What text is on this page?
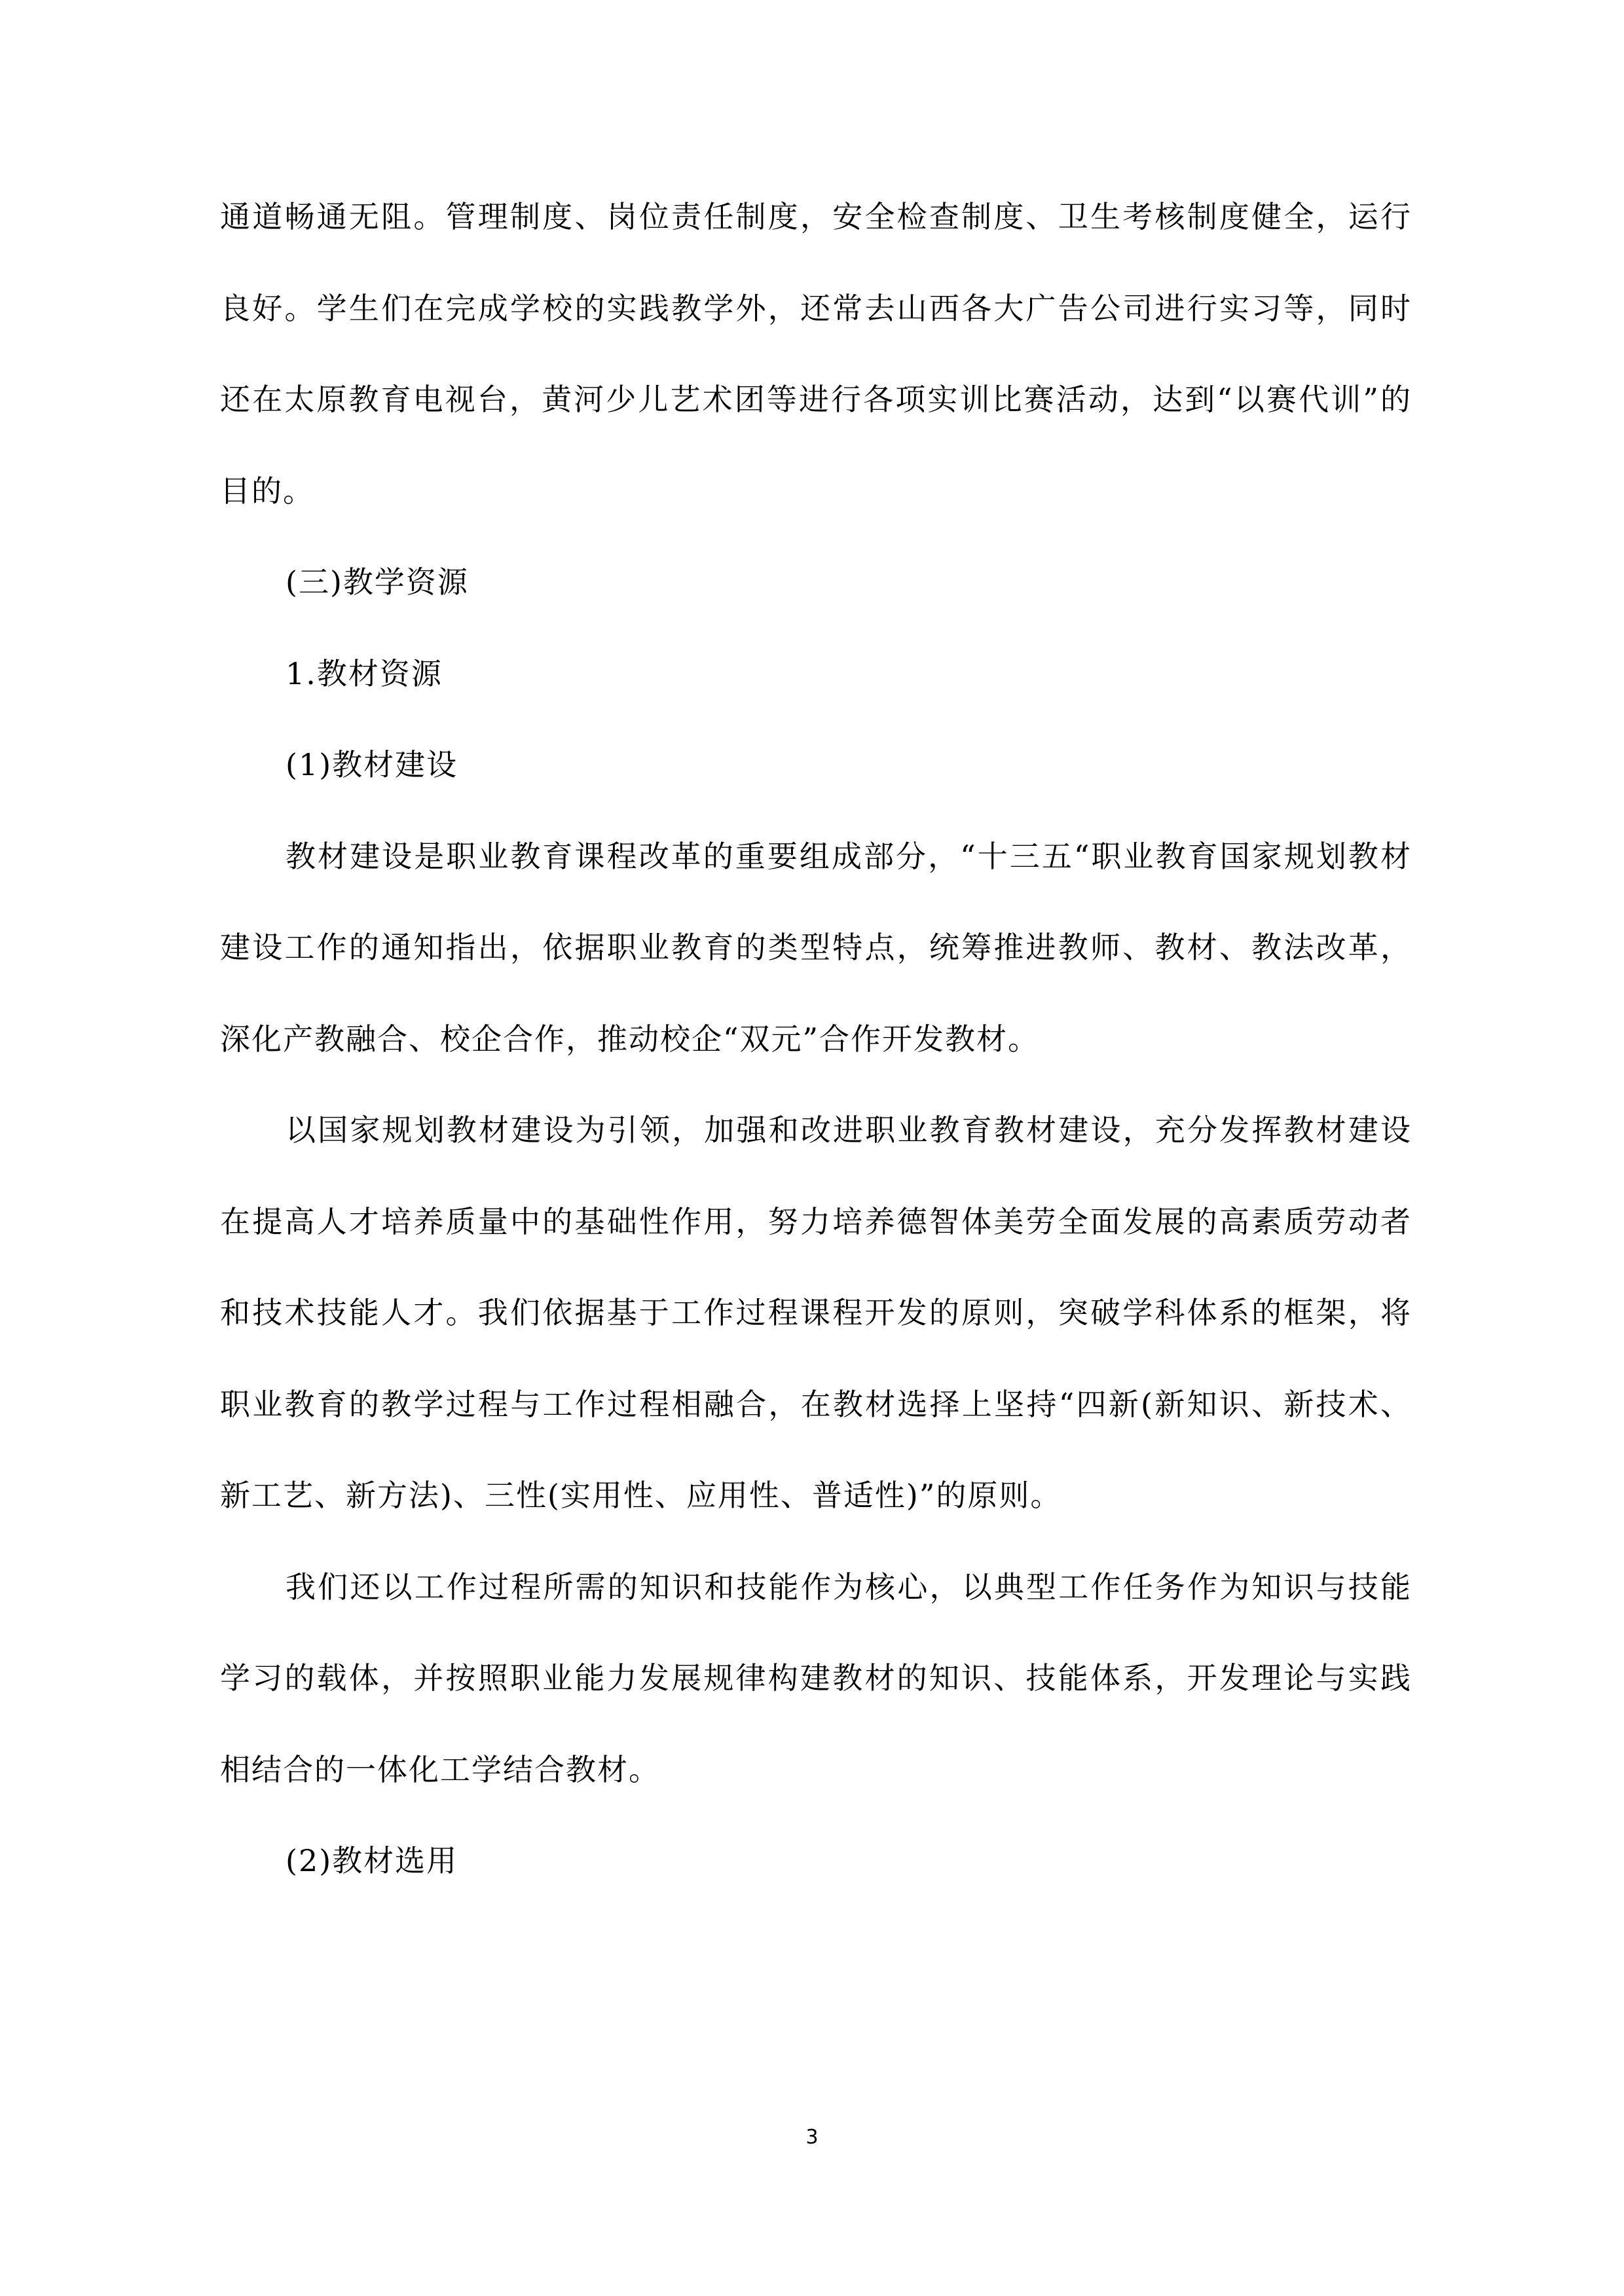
通道畅通无阻。管理制度、岗位责任制度，安全检查制度、卫生考核制度健全，运行良好。学生们在完成学校的实践教学外，还常去山西各大广告公司进行实习等，同时还在太原教育电视台，黄河少儿艺术团等进行各项实训比赛活动，达到“以赛代训”的目的。

(三)教学资源

1.教材资源

(1)教材建设

教材建设是职业教育课程改革的重要组成部分，“十三五“职业教育国家规划教材建设工作的通知指出，依据职业教育的类型特点，统筹推进教师、教材、教法改革，深化产教融合、校企合作，推动校企“双元”合作开发教材。

以国家规划教材建设为引领，加强和改进职业教育教材建设，充分发挥教材建设在提高人才培养质量中的基础性作用，努力培养德智体美劳全面发展的高素质劳动者和技术技能人才。我们依据基于工作过程课程开发的原则，突破学科体系的框架，将职业教育的教学过程与工作过程相融合，在教材选择上坚持“四新(新知识、新技术、新工艺、新方法)、三性(实用性、应用性、普适性)”的原则。

我们还以工作过程所需的知识和技能作为核心，以典型工作任务作为知识与技能学习的载体，并按照职业能力发展规律构建教材的知识、技能体系，开发理论与实践相结合的一体化工学结合教材。

(2)教材选用

3
